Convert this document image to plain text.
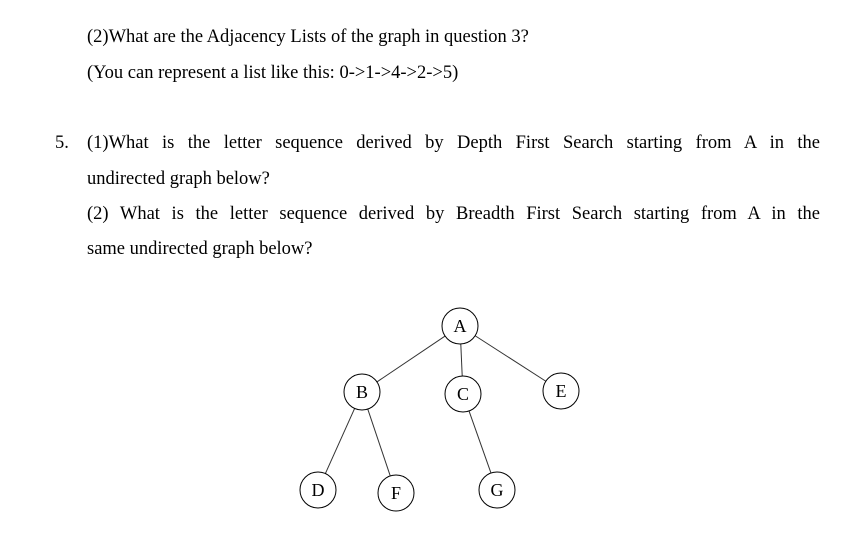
(2)What are the Adjacency Lists of the graph in question 3?
(You can represent a list like this: 0->1->4->2->5)
5. (1)What is the letter sequence derived by Depth First Search starting from A in the
undirected graph below?
(2) What is the letter sequence derived by Breadth First Search starting from A in the
same undirected graph below?
A
B	C	E
D	F	G
